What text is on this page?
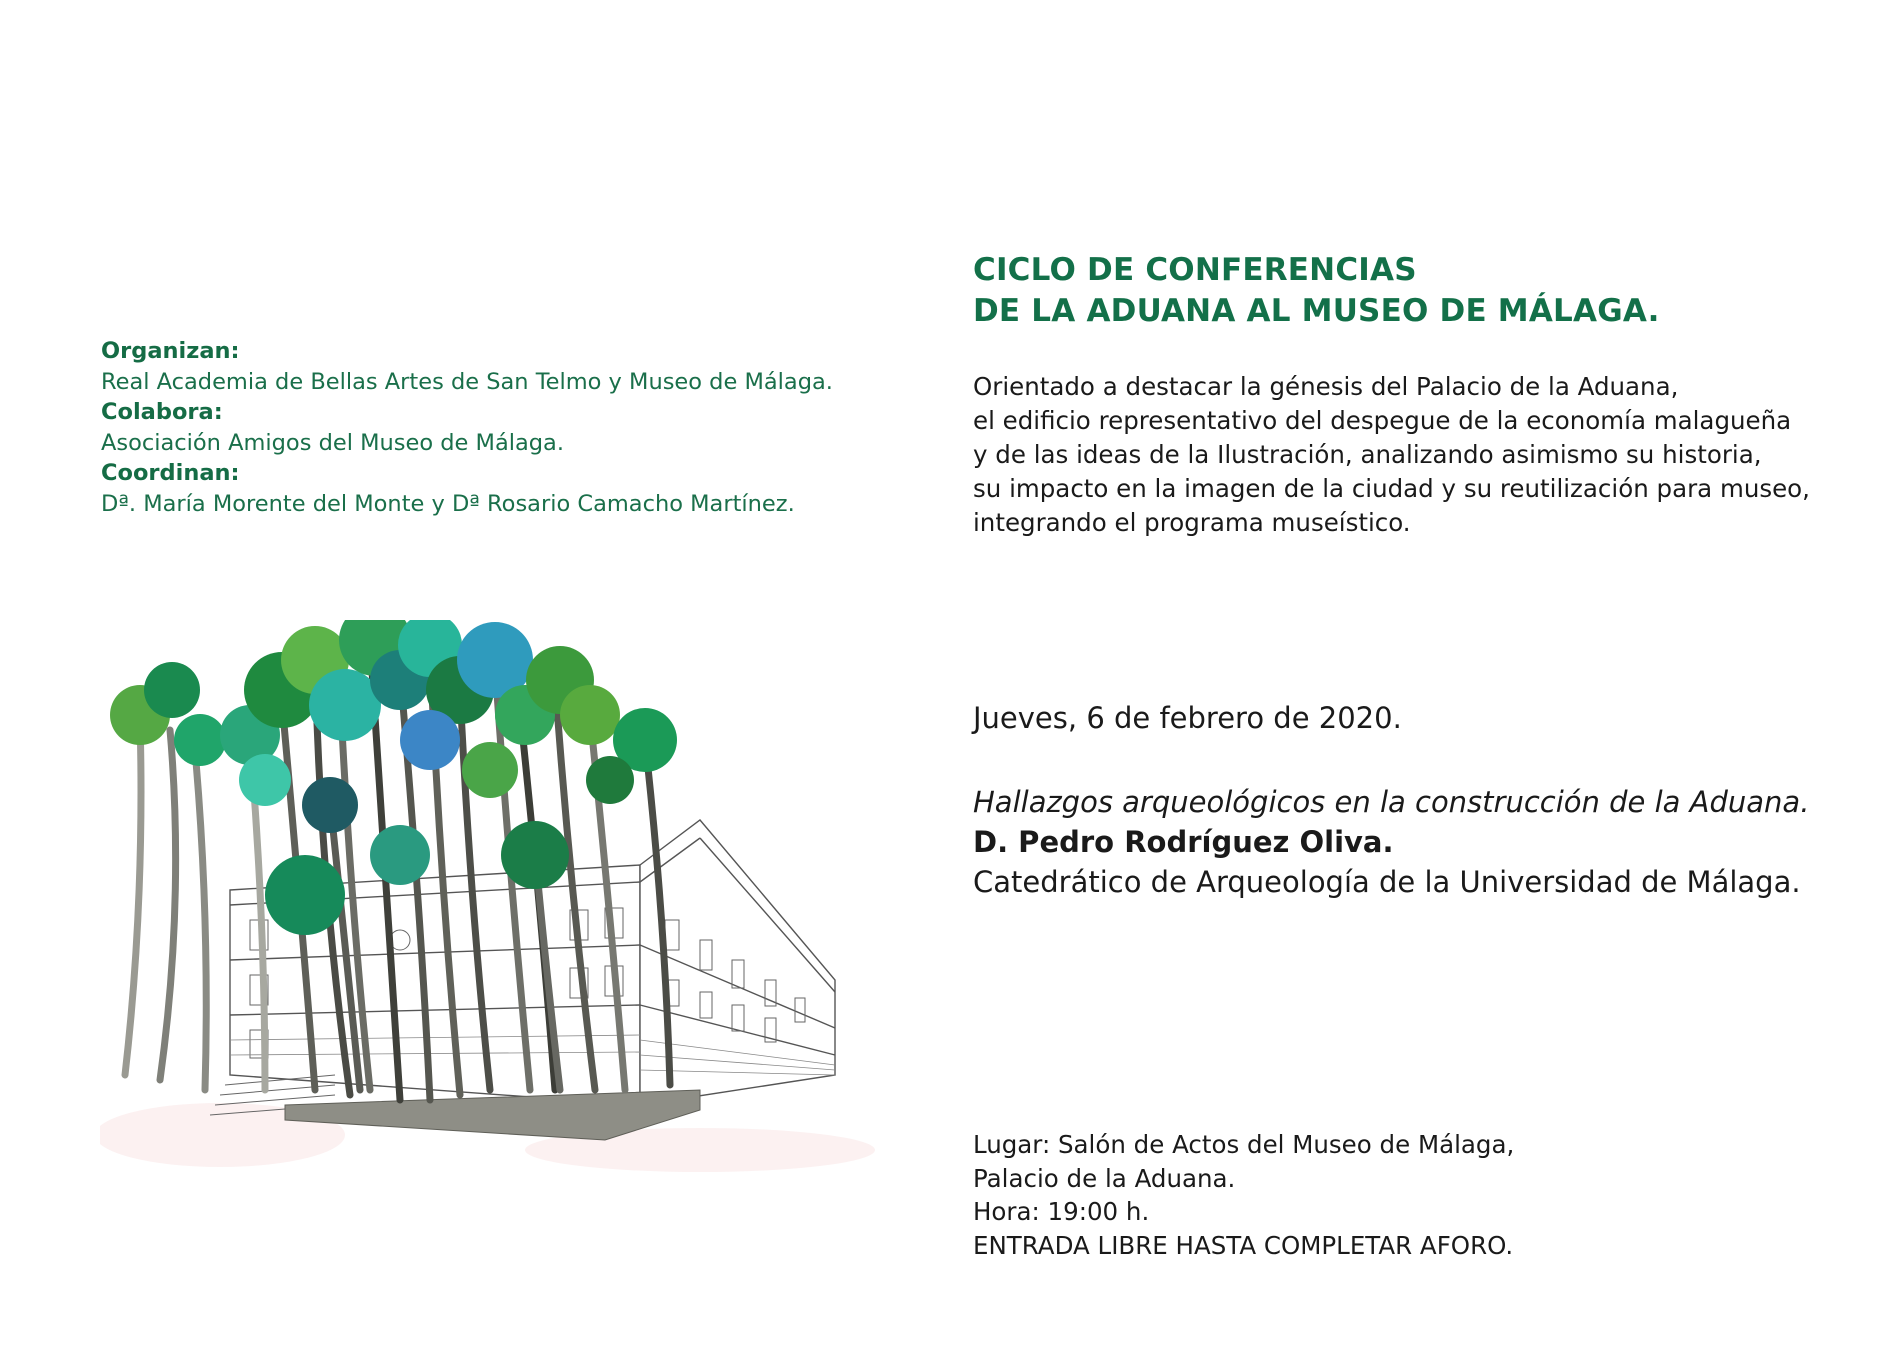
Organizan:
Real Academia de Bellas Artes de San Telmo y Museo de Málaga.
Colabora:
Asociación Amigos del Museo de Málaga.
Coordinan:
Dª. María Morente del Monte y Dª Rosario Camacho Martínez.
CICLO DE CONFERENCIAS
DE LA ADUANA AL MUSEO DE MÁLAGA.
Orientado a destacar la génesis del Palacio de la Aduana,
el edificio representativo del despegue de la economía malagueña
y de las ideas de la Ilustración, analizando asimismo su historia,
su impacto en la imagen de la ciudad y su reutilización para museo,
integrando el programa museístico.
Jueves, 6 de febrero de 2020.
Hallazgos arqueológicos en la construcción de la Aduana.
D. Pedro Rodríguez Oliva.
Catedrático de Arqueología de la Universidad de Málaga.
Lugar: Salón de Actos del Museo de Málaga,
Palacio de la Aduana.
Hora: 19:00 h.
ENTRADA LIBRE HASTA COMPLETAR AFORO.
